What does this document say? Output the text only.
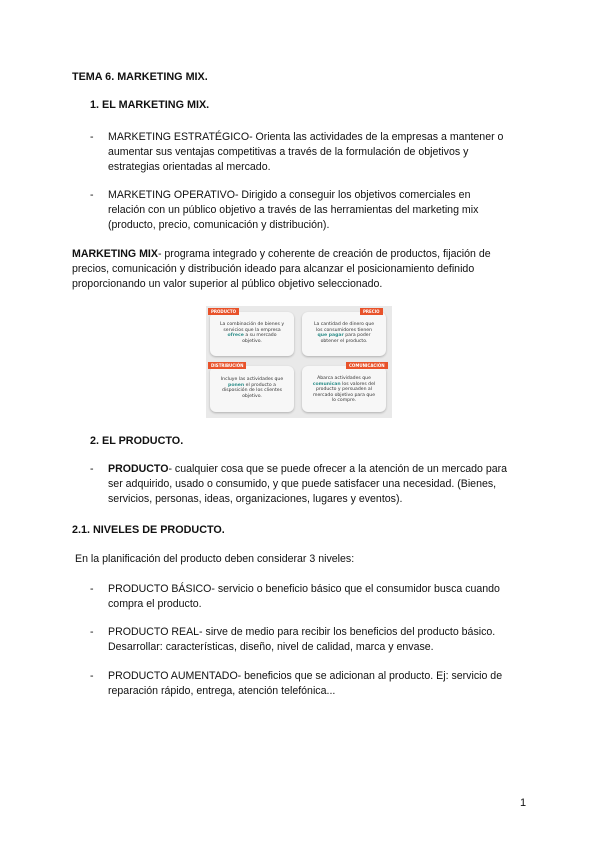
TEMA 6. MARKETING MIX.
1. EL MARKETING MIX.
- MARKETING ESTRATÉGICO- Orienta las actividades de la empresas a mantener o
aumentar sus ventajas competitivas a través de la formulación de objetivos y
estrategias orientadas al mercado.
- MARKETING OPERATIVO- Dirigido a conseguir los objetivos comerciales en
relación con un público objetivo a través de las herramientas del marketing mix
(producto, precio, comunicación y distribución).
MARKETING MIX- programa integrado y coherente de creación de productos, fijación de
precios, comunicación y distribución ideado para alcanzar el posicionamiento definido
proporcionando un valor superior al público objetivo seleccionado.
La combinación de bienes y
servicios que la empresa
ofrece a su mercado
objetivo.
PRODUCTO
La cantidad de dinero que
los consumidores tienen
que pagar para poder
obtener el producto.
PRECIO
Incluye las actividades que
ponen el producto a
disposición de los clientes
objetivo.
DISTRIBUCIÓN
Abarca actividades que
comunican los valores del
producto y persuaden al
mercado objetivo para que
lo compre.
COMUNICACIÓN
2. EL PRODUCTO.
- PRODUCTO- cualquier cosa que se puede ofrecer a la atención de un mercado para
ser adquirido, usado o consumido, y que puede satisfacer una necesidad. (Bienes,
servicios, personas, ideas, organizaciones, lugares y eventos).
2.1. NIVELES DE PRODUCTO.
En la planificación del producto deben considerar 3 niveles:
- PRODUCTO BÁSICO- servicio o beneficio básico que el consumidor busca cuando
compra el producto.
- PRODUCTO REAL- sirve de medio para recibir los beneficios del producto básico.
Desarrollar: características, diseño, nivel de calidad, marca y envase.
- PRODUCTO AUMENTADO- beneficios que se adicionan al producto. Ej: servicio de
reparación rápido, entrega, atención telefónica...
1
